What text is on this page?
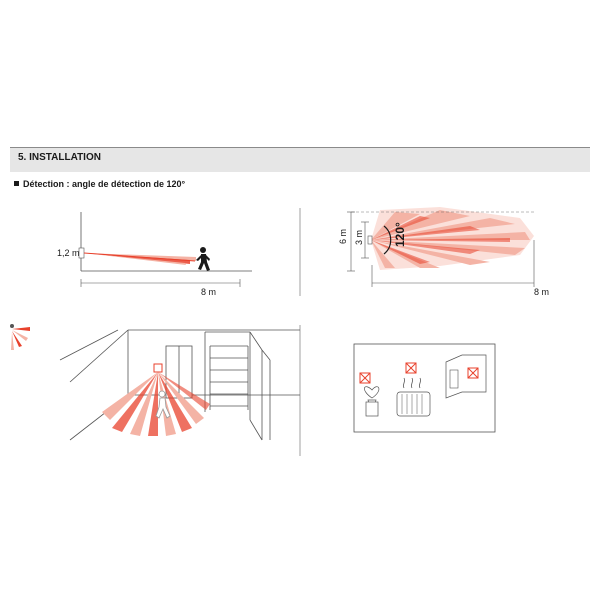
5. INSTALLATION
Détection : angle de détection de 120°
1,2 m
8 m
6 m 3 m 120°
8 m
